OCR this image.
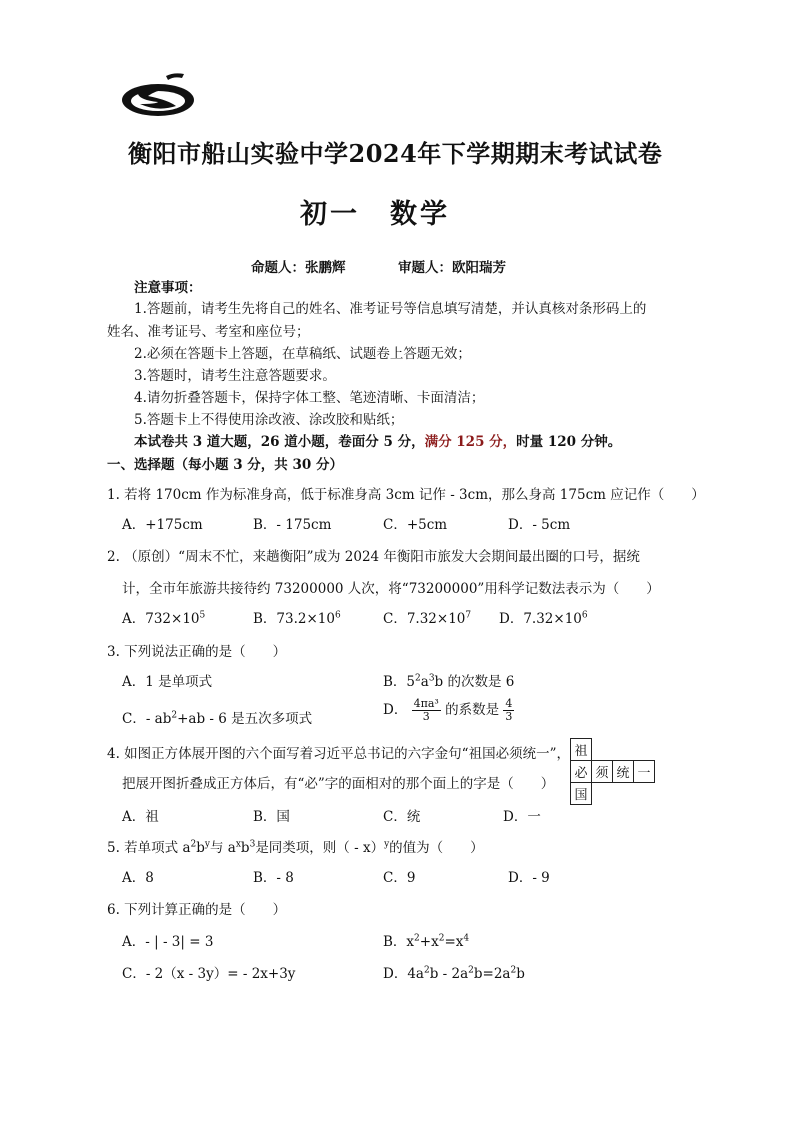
衡阳市船山实验中学2024年下学期期末考试试卷
初一　数学
命题人：张鹏辉	审题人：欧阳瑞芳
注意事项：
1.答题前，请考生先将自己的姓名、准考证号等信息填写清楚，并认真核对条形码上的
姓名、准考证号、考室和座位号；
2.必须在答题卡上答题，在草稿纸、试题卷上答题无效；
3.答题时，请考生注意答题要求。
4.请勿折叠答题卡，保持字体工整、笔迹清晰、卡面清洁；
5.答题卡上不得使用涂改液、涂改胶和贴纸；
本试卷共 3 道大题，26 道小题，卷面分 5 分，满分 125 分，时量 120 分钟。
一、选择题（每小题 3 分，共 30 分）
1. 若将 170cm 作为标准身高，低于标准身高 3cm 记作 - 3cm，那么身高 175cm 应记作（　　）
A．+175cm	B．- 175cm	C．+5cm	D．- 5cm
2. （原创）“周末不忙，来趟衡阳”成为 2024 年衡阳市旅发大会期间最出圈的口号，据统
计，全市年旅游共接待约 73200000 人次，将“73200000”用科学记数法表示为（　　）
A．$732\times 10^5$	B．$73.2\times 10^6$	C．$7.32\times 10^7$ D．$7.32\times 10^6$
3. 下列说法正确的是（　　）
A．1 是单项式	B．$5^2a^3b$ 的次数是 6
C．- $ab^2+ab - 6$ 是五次多项式
D． $\frac{\text{4πa³}}{3}$ 的系数是 $\frac{4}{3}$
4. 如图正方体展开图的六个面写着习近平总书记的六字金句“祖国必须统一”，
把展开图折叠成正方体后，有“必”字的面相对的那个面上的字是（　　）
A．祖	B．国	C．统	D．一
祖			
必	须	统	一
国			
5. 若单项式 $a^2b^y$与 $a^xb^3$是同类项，则（ - x）$^y$的值为（　　）
A．8	B．- 8	C．9	D．- 9
6. 下列计算正确的是（　　）
A．- | - 3| = 3	B．$x^2+x^2=x^4$
C．- 2（x - 3y）= - 2x+3y	D．$4a^2b - 2a^2b=2a^2b$
